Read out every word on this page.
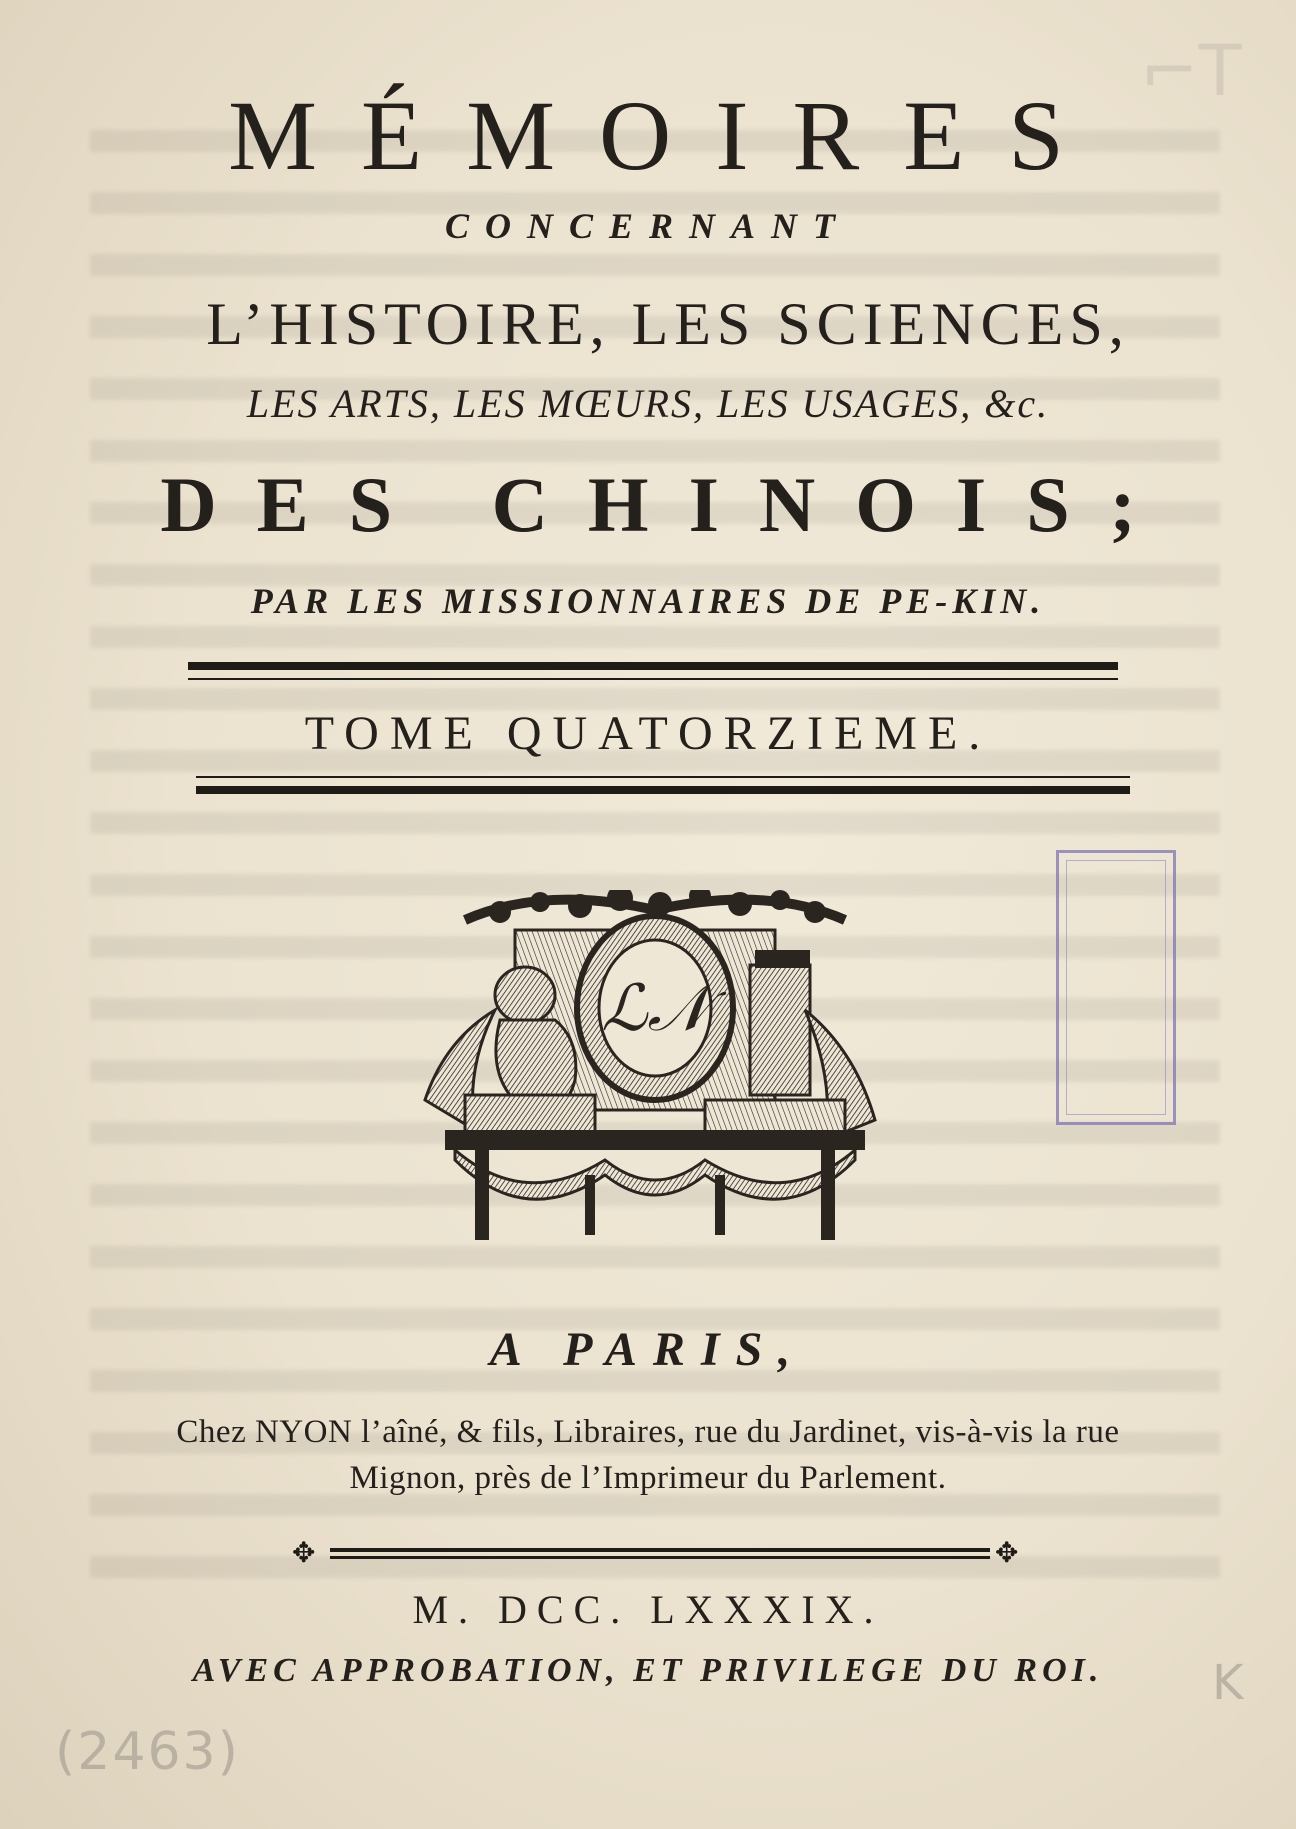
⌐T
MÉMOIRES
CONCERNANT
L’HISTOIRE, LES SCIENCES,
LES ARTS, LES MŒURS, LES USAGES, &c.
DES CHINOIS;
PAR LES MISSIONNAIRES DE PE-KIN.
TOME QUATORZIEME.
ℒ𝒩
A PARIS,
Chez NYON l’aîné, & fils, Libraires, rue du Jardinet, vis-à-vis la rue
Mignon, près de l’Imprimeur du Parlement.
✥	✥
M. DCC. LXXXIX.
AVEC APPROBATION, ET PRIVILEGE DU ROI.	K
(2463)
